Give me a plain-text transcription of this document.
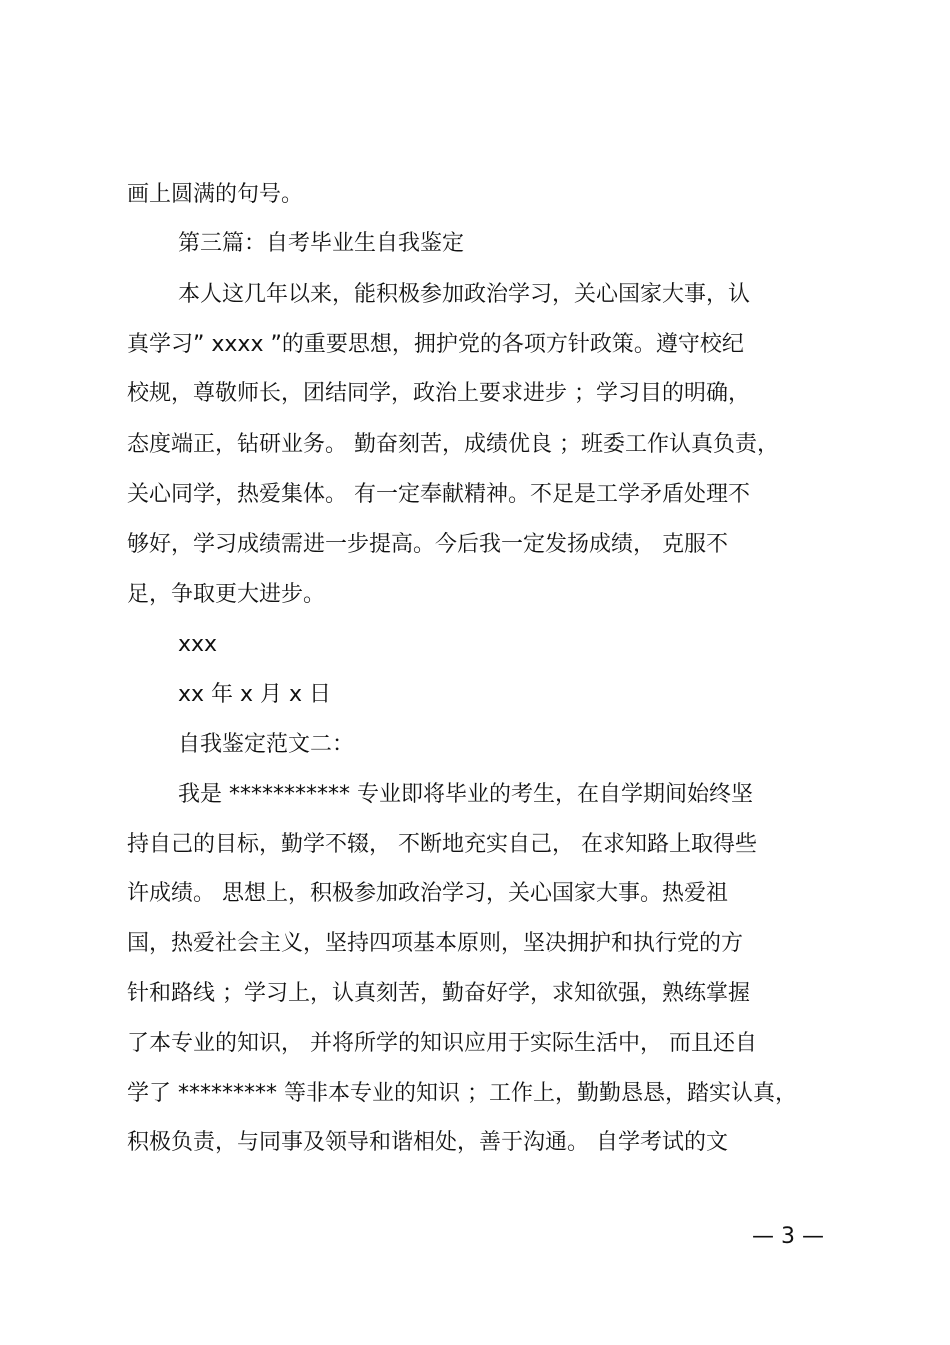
画上圆满的句号。

第三篇：自考毕业生自我鉴定

本人这几年以来，能积极参加政治学习，关心国家大事，认

真学习” xxxx ”的重要思想，拥护党的各项方针政策。遵守校纪

校规，尊敬师长，团结同学，政治上要求进步 ；学习目的明确，

态度端正，钻研业务。 勤奋刻苦，成绩优良 ；班委工作认真负责，

关心同学，热爱集体。 有一定奉献精神。不足是工学矛盾处理不

够好，学习成绩需进一步提高。今后我一定发扬成绩， 克服不

足，争取更大进步。

xxx

xx 年 x 月 x 日

自我鉴定范文二：

我是 *********** 专业即将毕业的考生，在自学期间始终坚

持自己的目标，勤学不辍， 不断地充实自己， 在求知路上取得些

许成绩。 思想上，积极参加政治学习，关心国家大事。热爱祖

国，热爱社会主义，坚持四项基本原则，坚决拥护和执行党的方

针和路线 ；学习上，认真刻苦，勤奋好学，求知欲强，熟练掌握

了本专业的知识， 并将所学的知识应用于实际生活中， 而且还自

学了 ********* 等非本专业的知识 ；工作上，勤勤恳恳，踏实认真，

积极负责，与同事及领导和谐相处，善于沟通。 自学考试的文

— 3 —
